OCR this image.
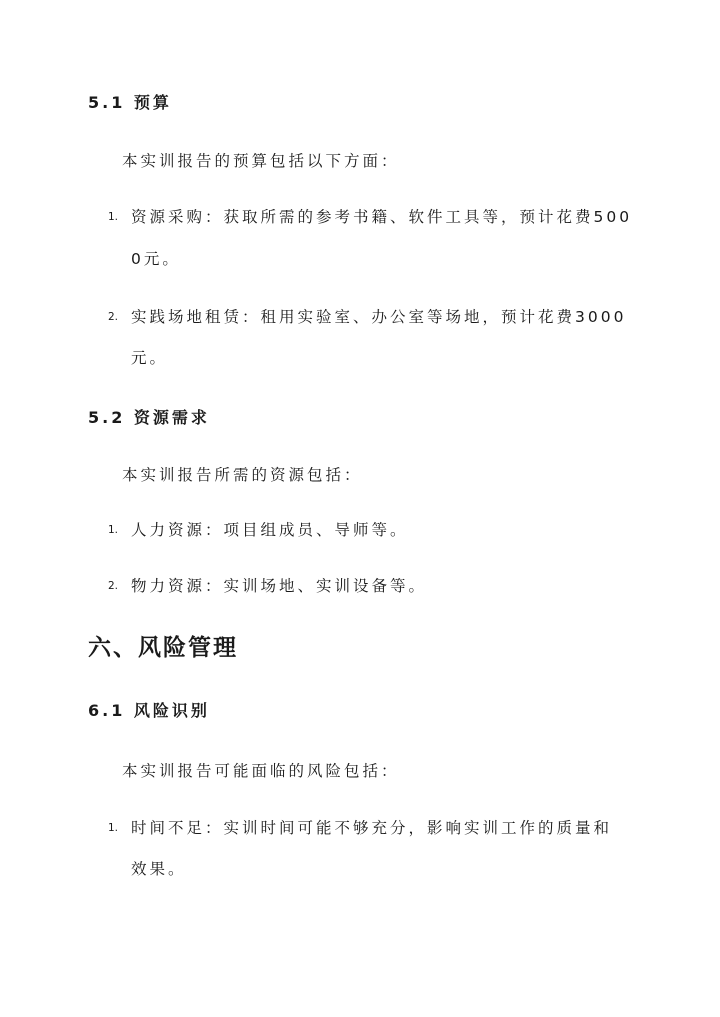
5.1 预算
本实训报告的预算包括以下方面：
1. 资源采购：获取所需的参考书籍、软件工具等，预计花费500
0元。
2. 实践场地租赁：租用实验室、办公室等场地，预计花费3000
元。
5.2 资源需求
本实训报告所需的资源包括：
1. 人力资源：项目组成员、导师等。
2. 物力资源：实训场地、实训设备等。
六、风险管理
6.1 风险识别
本实训报告可能面临的风险包括：
1. 时间不足：实训时间可能不够充分，影响实训工作的质量和
效果。
